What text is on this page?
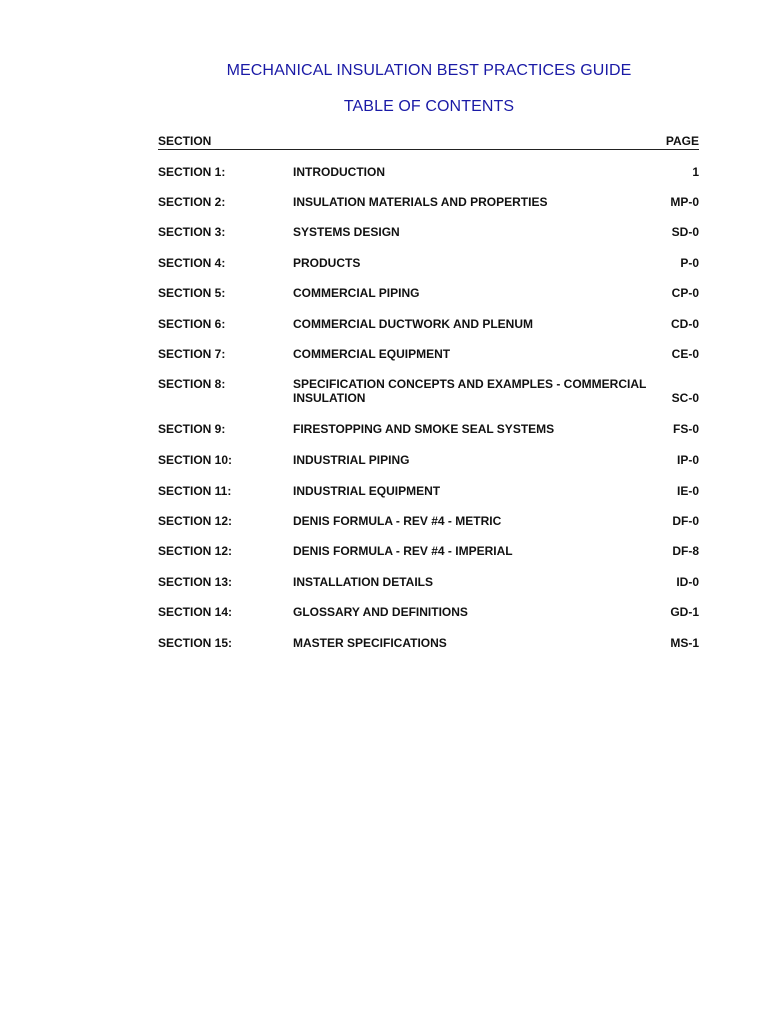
MECHANICAL INSULATION BEST PRACTICES GUIDE
TABLE OF CONTENTS
SECTION	PAGE
SECTION 1:	INTRODUCTION	1
SECTION 2:	INSULATION MATERIALS AND PROPERTIES	MP-0
SECTION 3:	SYSTEMS DESIGN	SD-0
SECTION 4:	PRODUCTS	P-0
SECTION 5:	COMMERCIAL PIPING	CP-0
SECTION 6:	COMMERCIAL DUCTWORK AND PLENUM	CD-0
SECTION 7:	COMMERCIAL EQUIPMENT	CE-0
SECTION 8:	SPECIFICATION CONCEPTS AND EXAMPLES - COMMERCIAL INSULATION	SC-0
SECTION 9:	FIRESTOPPING AND SMOKE SEAL SYSTEMS	FS-0
SECTION 10:	INDUSTRIAL PIPING	IP-0
SECTION 11:	INDUSTRIAL EQUIPMENT	IE-0
SECTION 12:	DENIS FORMULA - REV #4 - METRIC	DF-0
SECTION 12:	DENIS FORMULA - REV #4 - IMPERIAL	DF-8
SECTION 13:	INSTALLATION DETAILS	ID-0
SECTION 14:	GLOSSARY AND DEFINITIONS	GD-1
SECTION 15:	MASTER SPECIFICATIONS	MS-1
